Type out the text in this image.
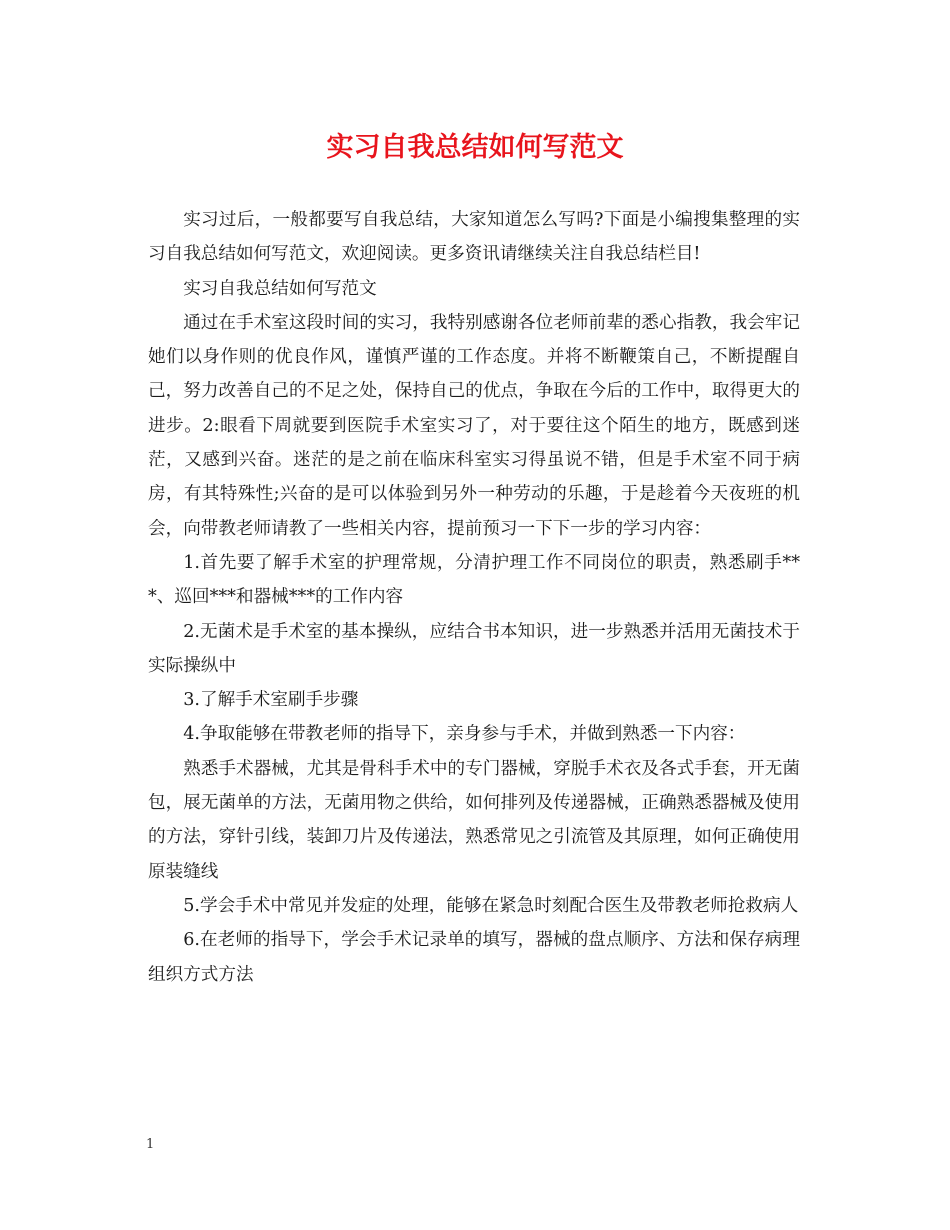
实习自我总结如何写范文

实习过后，一般都要写自我总结，大家知道怎么写吗?下面是小编搜集整理的实习自我总结如何写范文，欢迎阅读。更多资讯请继续关注自我总结栏目!

实习自我总结如何写范文

通过在手术室这段时间的实习，我特别感谢各位老师前辈的悉心指教，我会牢记她们以身作则的优良作风，谨慎严谨的工作态度。并将不断鞭策自己，不断提醒自己，努力改善自己的不足之处，保持自己的优点，争取在今后的工作中，取得更大的进步。2:眼看下周就要到医院手术室实习了，对于要往这个陌生的地方，既感到迷茫，又感到兴奋。迷茫的是之前在临床科室实习得虽说不错，但是手术室不同于病房，有其特殊性;兴奋的是可以体验到另外一种劳动的乐趣，于是趁着今天夜班的机会，向带教老师请教了一些相关内容，提前预习一下下一步的学习内容：

1.首先要了解手术室的护理常规，分清护理工作不同岗位的职责，熟悉刷手***、巡回***和器械***的工作内容

2.无菌术是手术室的基本操纵，应结合书本知识，进一步熟悉并活用无菌技术于实际操纵中

3.了解手术室刷手步骤

4.争取能够在带教老师的指导下，亲身参与手术，并做到熟悉一下内容：

熟悉手术器械，尤其是骨科手术中的专门器械，穿脱手术衣及各式手套，开无菌包，展无菌单的方法，无菌用物之供给，如何排列及传递器械，正确熟悉器械及使用的方法，穿针引线，装卸刀片及传递法，熟悉常见之引流管及其原理，如何正确使用原装缝线

5.学会手术中常见并发症的处理，能够在紧急时刻配合医生及带教老师抢救病人

6.在老师的指导下，学会手术记录单的填写，器械的盘点顺序、方法和保存病理组织方式方法

1
